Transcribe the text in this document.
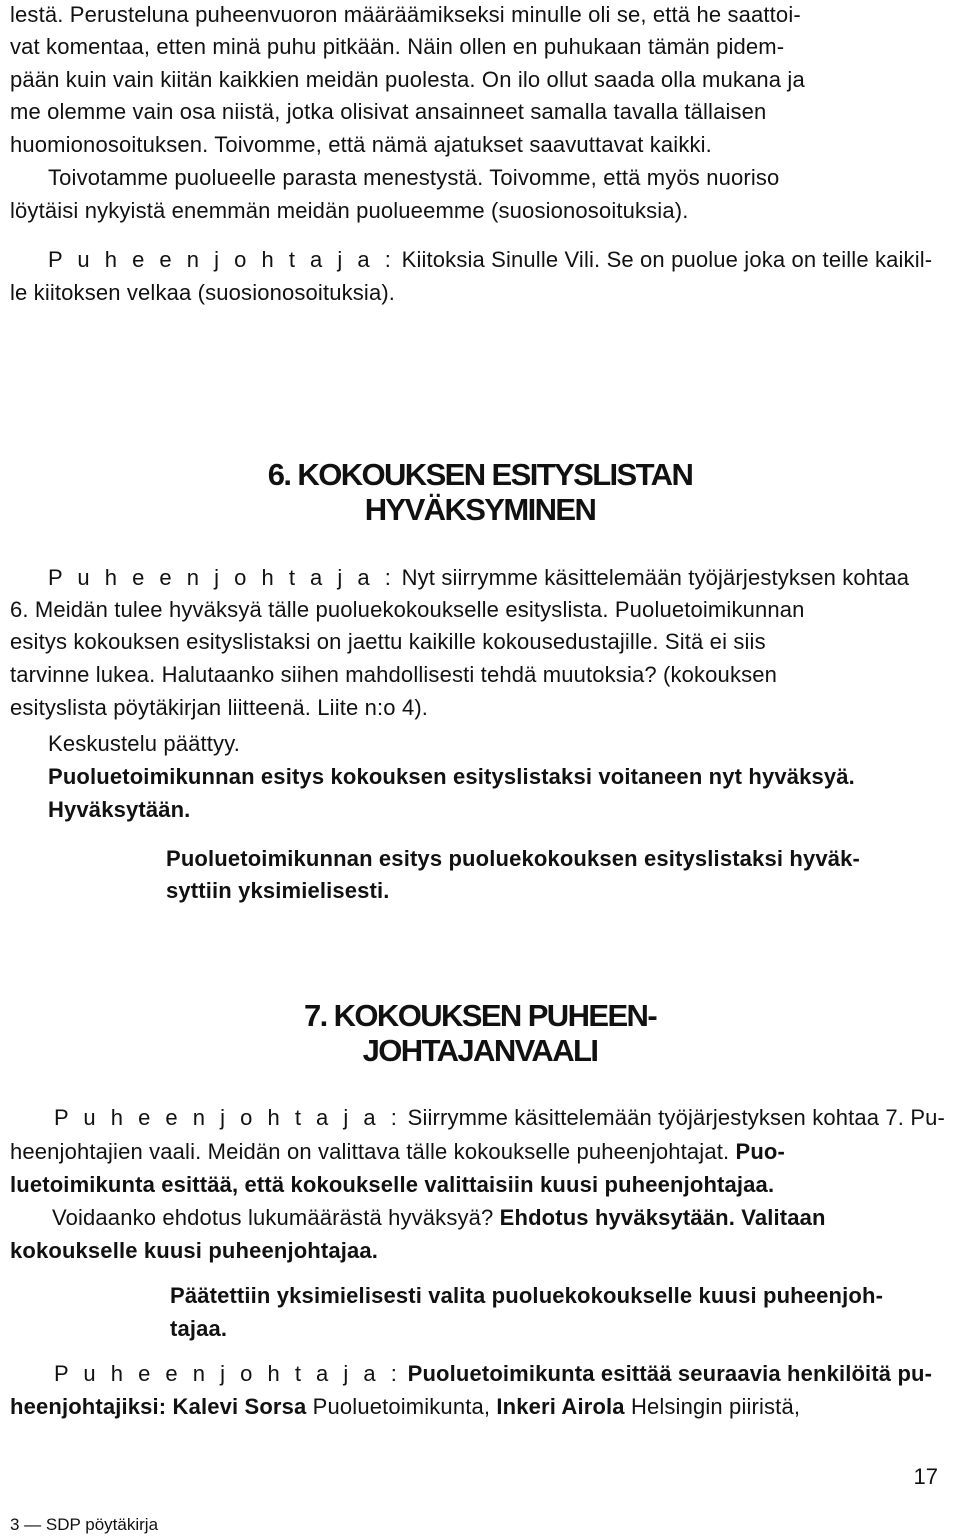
lestä. Perusteluna puheenvuoron määräämikseksi minulle oli se, että he saattoi-
vat komentaa, etten minä puhu pitkään. Näin ollen en puhukaan tämän pidem-
pään kuin vain kiitän kaikkien meidän puolesta. On ilo ollut saada olla mukana ja
me olemme vain osa niistä, jotka olisivat ansainneet samalla tavalla tällaisen
huomionosoituksen. Toivomme, että nämä ajatukset saavuttavat kaikki.
Toivotamme puolueelle parasta menestystä. Toivomme, että myös nuoriso
löytäisi nykyistä enemmän meidän puolueemme (suosionosoituksia).
P u h e e n j o h t a j a : Kiitoksia Sinulle Vili. Se on puolue joka on teille kaikil-
le kiitoksen velkaa (suosionosoituksia).
6. KOKOUKSEN ESITYSLISTAN
HYVÄKSYMINEN
P u h e e n j o h t a j a : Nyt siirrymme käsittelemään työjärjestyksen kohtaa
6. Meidän tulee hyväksyä tälle puoluekokoukselle esityslista. Puoluetoimikunnan
esitys kokouksen esityslistaksi on jaettu kaikille kokousedustajille. Sitä ei siis
tarvinne lukea. Halutaanko siihen mahdollisesti tehdä muutoksia? (kokouksen
esityslista pöytäkirjan liitteenä. Liite n:o 4).
Keskustelu päättyy.
Puoluetoimikunnan esitys kokouksen esityslistaksi voitaneen nyt hyväksyä.
Hyväksytään.
Puoluetoimikunnan esitys puoluekokouksen esityslistaksi hyväk-
syttiin yksimielisesti.
7. KOKOUKSEN PUHEEN-
JOHTAJANVAALI
P u h e e n j o h t a j a : Siirrymme käsittelemään työjärjestyksen kohtaa 7. Pu-
heenjohtajien vaali. Meidän on valittava tälle kokoukselle puheenjohtajat. Puo-
luetoimikunta esittää, että kokoukselle valittaisiin kuusi puheenjohtajaa.
Voidaanko ehdotus lukumäärästä hyväksyä? Ehdotus hyväksytään. Valitaan
kokoukselle kuusi puheenjohtajaa.
Päätettiin yksimielisesti valita puoluekokoukselle kuusi puheenjoh-
tajaa.
P u h e e n j o h t a j a : Puoluetoimikunta esittää seuraavia henkilöitä pu-
heenjohtajiksi: Kalevi Sorsa Puoluetoimikunta, Inkeri Airola Helsingin piiristä,
17
3 — SDP pöytäkirja
